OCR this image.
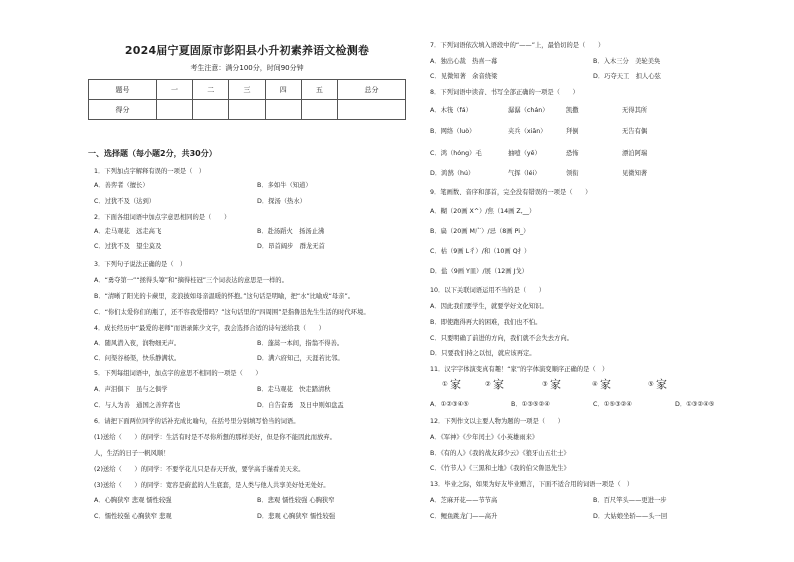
2024届宁夏固原市彭阳县小升初素养语文检测卷
考生注意：满分100分，时间90分钟
题号	一	二	三	四	五	总分
得分						
一、选择题（每小题2分，共30分）
1．下列加点字解释有误的一项是（　）
A．善弈者（擅长）	B．多如牛（知道）
C．过犹不及（达到）	D．探汤（热水）
2．下面各组词语中加点字意思相同的是（　　）
A．走马观花　远走高飞	B．赴汤蹈火　扬汤止沸
C．过犹不及　望尘莫及	D．昂首阔步　群龙无首
3．下列句子说法正确的是（　）
A．“勇夺第一”“拯得头筹”和“摘得桂冠”三个词表达的意思是一样的。
B．“清晰了阳光的卡蕨里，麦浪披如母亲温暖的怀抱。”这句话是明喻，把“水”比喻成“母亲”。
C．“你们太爱你们的瓶了，还不容我爱惜吗？”这句话里的“四周围”是指鲁迅先生生活的时代环境。
4．成长经历中“最爱的老师”而语录陈少文字，我会选择合适的诗句送给我（　　）
A．随风潜入夜，润物细无声。	B．蓬蒿一本间，指翁不得善。
C．问渠谷杨渠，快乐静满状。	D．满六府知己，天涯若比邻。
5．下列每组词语中，加点字的意思不相同的一项是（　　）
A．声泪俱下　虽与之俱学	B．走马观花　快走踏清秋
C．与人为善　通国之善弈者也	D．自告奋勇　及日中则如盘盂
6．请把下面两位同学的话补充成比喻句，在括号里分别填写恰当的词语。
(1)送给（　　）的同学：生活有时是不尽你所想的那样美好，但是你不能因此而放弃。
人，生活的日子一帆风顺！
(2)送给（　　）的同学：不要学花儿只是春天开放，要学高手谨看美天来。
(3)送给（　　）的同学：宽容是蔚蓝的人生底套，是人类与他人共享美好处无处好。
A．心胸狭窄 悲观 懦性较强	B．悲观 懦性较强 心胸狭窄
C．懦性较强 心胸狭窄 悲观	D．悲观 心胸狭窄 懦性较强
7．下列词语依次填入语段中的“——”上，最恰切的是（　　）
A．独出心裁　热喜一幕	B．入木三分　美轮美奂
C．见微知著　余音绕梁	D．巧夺天工　扣人心弦
8．下列词语中读音、书写全部正确的一项是（　　）
A．木筏（fá）	潺潺（chán）	凯撒	无得其所
B．网络（luò）	夹兵（xiān）	拜倒	无告有偶
C．鸿（hóng）毛	抽噎（yē）	恐怖	漂泊阿瑞
D．鸿鹄（hú）	气挥（léi）	领衔	见微知著
9．笔画数、音序和部首，完全没有错误的一项是（　　）
A．糊（20画 X^）/焦（14画 Z,__）
B．扁（20画 M广）/忌（8画 Pi_）
C．枯（9画 L彳）/和（10画 Q扌）
D．盐（9画 Y皿）/展（12画 J戈）
10．以下关联词语运用不当的是（　　）
A．因此我们要学生，就要学好文化知识。
B．即使跑得再大的困难，我们也不怕。
C．只要明确了前进的方向，我们就不会失去方向。
D．只要我们持之以恒，就应该再定。
11．汉字字体演变真有趣！“家”的字体演变顺序正确的是（　）
① 家	② 家	③ 家	④ 家	⑤ 家
A．①②③④⑤	B．①③⑤②④	C．①⑤③②④	D．①③②④⑤
12．下列作文以主要人物为题的一项是（　　）
A．《军神》《少年闰土》《小英雄雨来》
B．《有的人》《我的战友邱少云》《狼牙山五壮士》
C．《竹节人》《三黑和土地》《我的伯父鲁迅先生》
13．毕业之际，如果为好友毕业赠言，下面不适合用的词语一项是（　）
A．芝麻开花——节节高	B．百尺竿头——更进一步
C．鲤鱼跳龙门——高升	D．大姑娘坐轿——头一回
